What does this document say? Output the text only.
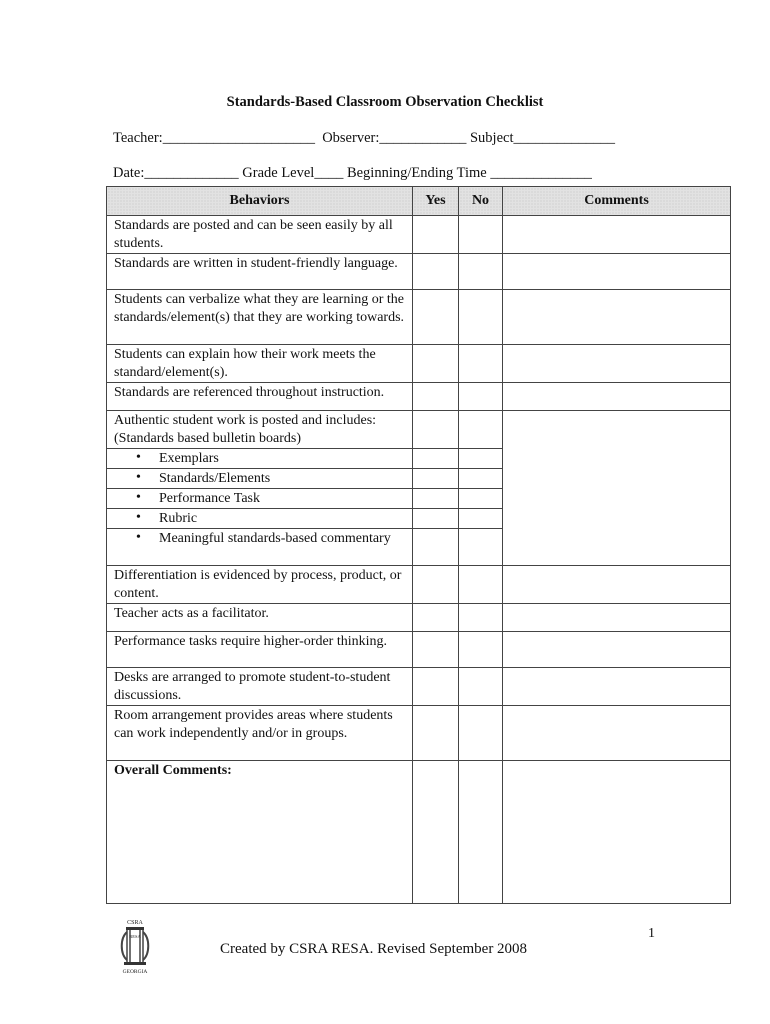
Standards-Based Classroom Observation Checklist
Teacher:_____________________  Observer:____________ Subject______________
Date:_____________ Grade Level____ Beginning/Ending Time ______________
Behaviors	Yes	No	Comments
Standards are posted and can be seen easily by all students.			
Standards are written in student-friendly language.			
Students can verbalize what they are learning or the standards/element(s) that they are working towards.			
Students can explain how their work meets the standard/element(s).			
Standards are referenced throughout instruction.			
Authentic student work is posted and includes: (Standards based bulletin boards)			
• Exemplars		
• Standards/Elements		
• Performance Task		
• Rubric		
• Meaningful standards-based commentary		
Differentiation is evidenced by process, product, or content.			
Teacher acts as a facilitator.			
Performance tasks require higher-order thinking.			
Desks are arranged to promote student-to-student discussions.			
Room arrangement provides areas where students can work independently and/or in groups.			
Overall Comments:			
CSRA
RESA
GEORGIA
Created by CSRA RESA. Revised September 2008
1
